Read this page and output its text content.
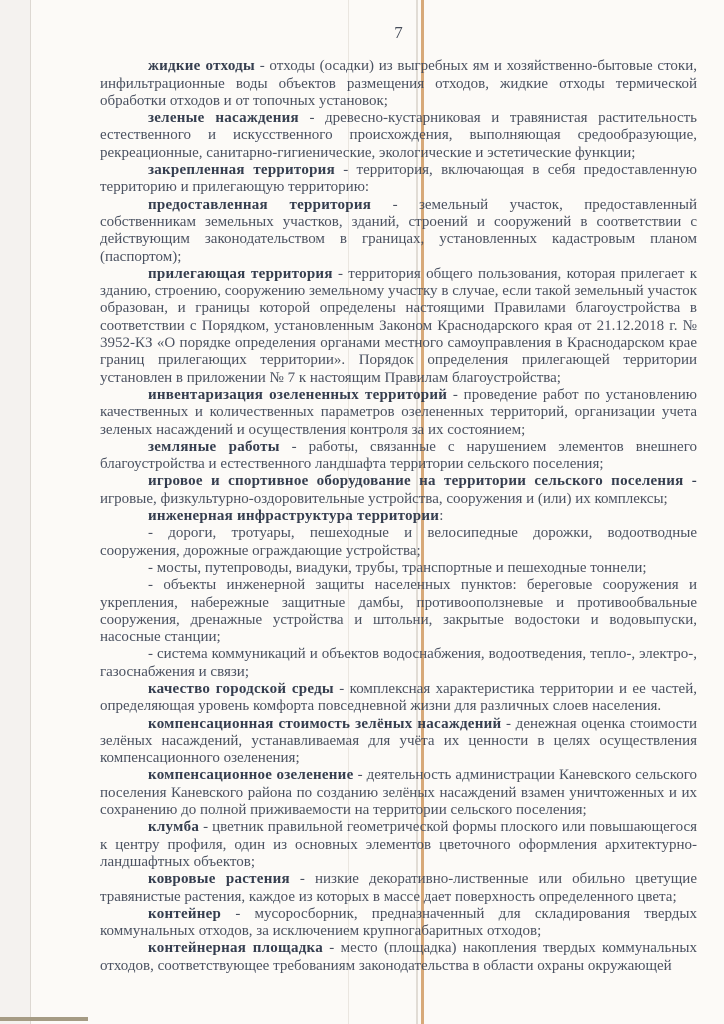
7

жидкие отходы - отходы (осадки) из выгребных ям и хозяйственно-бытовые стоки, инфильтрационные воды объектов размещения отходов, жидкие отходы термической обработки отходов и от топочных установок;

зеленые насаждения - древесно-кустарниковая и травянистая растительность естественного и искусственного происхождения, выполняющая средообразующие, рекреационные, санитарно-гигиенические, экологические и эстетические функции;

закрепленная территория - территория, включающая в себя предоставленную территорию и прилегающую территорию:

предоставленная территория - земельный участок, предоставленный собственникам земельных участков, зданий, строений и сооружений в соответствии с действующим законодательством в границах, установленных кадастровым планом (паспортом);

прилегающая территория - территория общего пользования, которая прилегает к зданию, строению, сооружению земельному участку в случае, если такой земельный участок образован, и границы которой определены настоящими Правилами благоустройства в соответствии с Порядком, установленным Законом Краснодарского края от 21.12.2018 г. № 3952-КЗ «О порядке определения органами местного самоуправления в Краснодарском крае границ прилегающих территории». Порядок определения прилегающей территории установлен в приложении № 7 к настоящим Правилам благоустройства;

инвентаризация озелененных территорий - проведение работ по установлению качественных и количественных параметров озелененных территорий, организации учета зеленых насаждений и осуществления контроля за их состоянием;

земляные работы - работы, связанные с нарушением элементов внешнего благоустройства и естественного ландшафта территории сельского поселения;

игровое и спортивное оборудование на территории сельского поселения - игровые, физкультурно-оздоровительные устройства, сооружения и (или) их комплексы;

инженерная инфраструктура территории:

- дороги, тротуары, пешеходные и велосипедные дорожки, водоотводные сооружения, дорожные ограждающие устройства;

- мосты, путепроводы, виадуки, трубы, транспортные и пешеходные тоннели;

- объекты инженерной защиты населенных пунктов: береговые сооружения и укрепления, набережные защитные дамбы, противооползневые и противообвальные сооружения, дренажные устройства и штольни, закрытые водостоки и водовыпуски, насосные станции;

- система коммуникаций и объектов водоснабжения, водоотведения, тепло-, электро-, газоснабжения и связи;

качество городской среды - комплексная характеристика территории и ее частей, определяющая уровень комфорта повседневной жизни для различных слоев населения.

компенсационная стоимость зелёных насаждений - денежная оценка стоимости зелёных насаждений, устанавливаемая для учёта их ценности в целях осуществления компенсационного озеленения;

компенсационное озеленение - деятельность администрации Каневского сельского поселения Каневского района по созданию зелёных насаждений взамен уничтоженных и их сохранению до полной приживаемости на территории сельского поселения;

клумба - цветник правильной геометрической формы плоского или повышающегося к центру профиля, один из основных элементов цветочного оформления архитектурно-ландшафтных объектов;

ковровые растения - низкие декоративно-лиственные или обильно цветущие травянистые растения, каждое из которых в массе дает поверхность определенного цвета;

контейнер - мусоросборник, предназначенный для складирования твердых коммунальных отходов, за исключением крупногабаритных отходов;

контейнерная площадка - место (площадка) накопления твердых коммунальных отходов, соответствующее требованиям законодательства в области охраны окружающей
